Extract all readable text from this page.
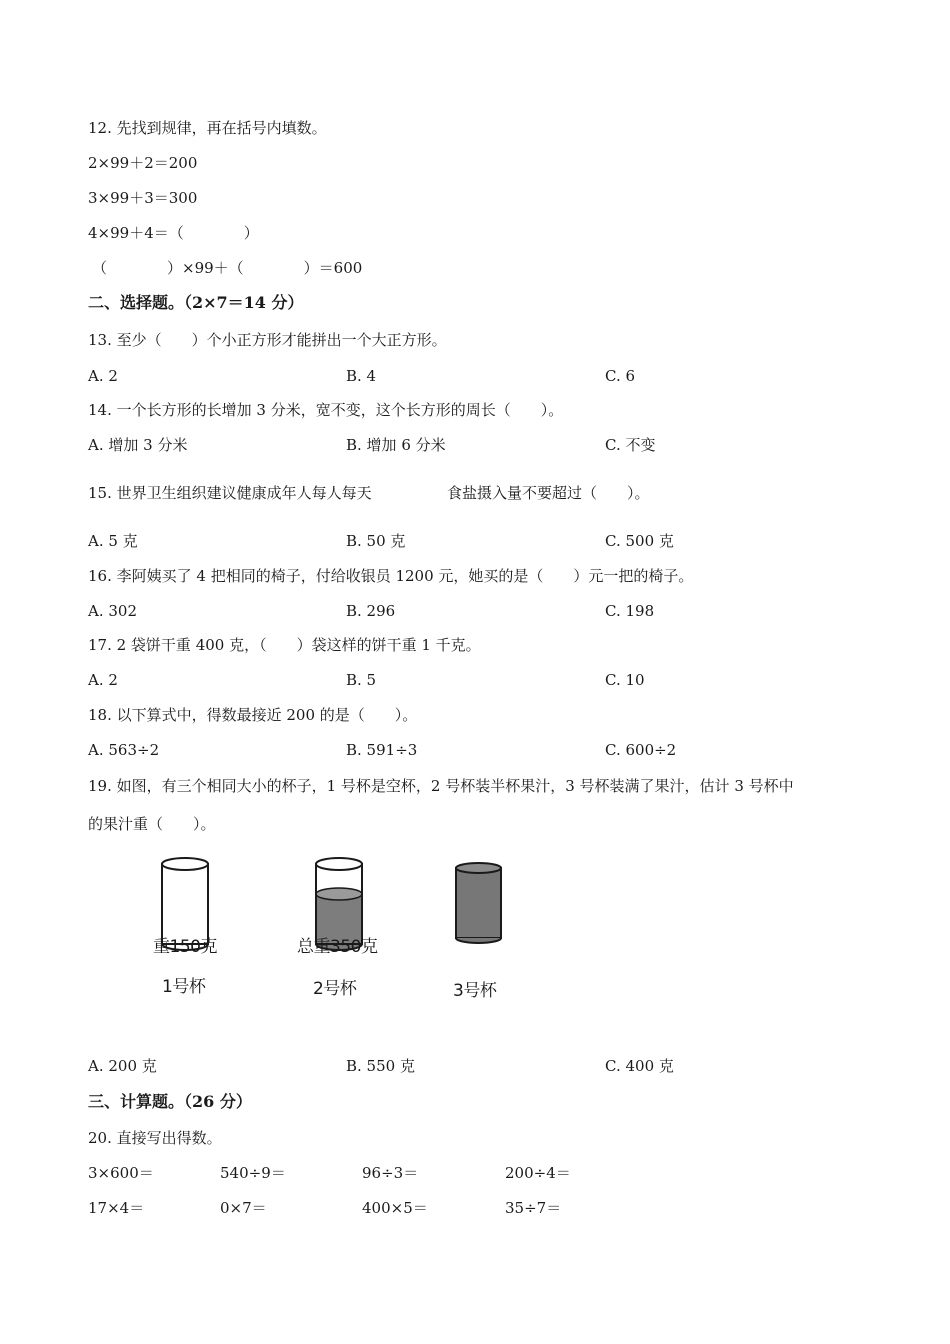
12. 先找到规律，再在括号内填数。
2×99＋2＝200
3×99＋3＝300
4×99＋4＝（　　　　）
（　　　　）×99＋（　　　　）＝600
二、选择题。（2×7＝14 分）
13. 至少（　　）个小正方形才能拼出一个大正方形。
A. 2	B. 4	C. 6
14. 一个长方形的长增加 3 分米，宽不变，这个长方形的周长（　　）。
A. 增加 3 分米	B. 增加 6 分米	C. 不变
15. 世界卫生组织建议健康成年人每人每天	食盐摄入量不要超过（　　）。
A. 5 克	B. 50 克	C. 500 克
16. 李阿姨买了 4 把相同的椅子，付给收银员 1200 元，她买的是（　　）元一把的椅子。
A. 302	B. 296	C. 198
17. 2 袋饼干重 400 克，（　　）袋这样的饼干重 1 千克。
A. 2	B. 5	C. 10
18. 以下算式中，得数最接近 200 的是（　　）。
A. 563÷2	B. 591÷3	C. 600÷2
19. 如图，有三个相同大小的杯子，1 号杯是空杯，2 号杯装半杯果汁，3 号杯装满了果汁，估计 3 号杯中
的果汁重（　　）。
重150克
1号杯
总重350克
2号杯	3号杯
A. 200 克	B. 550 克	C. 400 克
三、计算题。（26 分）
20. 直接写出得数。
3×600＝	540÷9＝	96÷3＝	200÷4＝
17×4＝	0×7＝	400×5＝	35÷7＝
